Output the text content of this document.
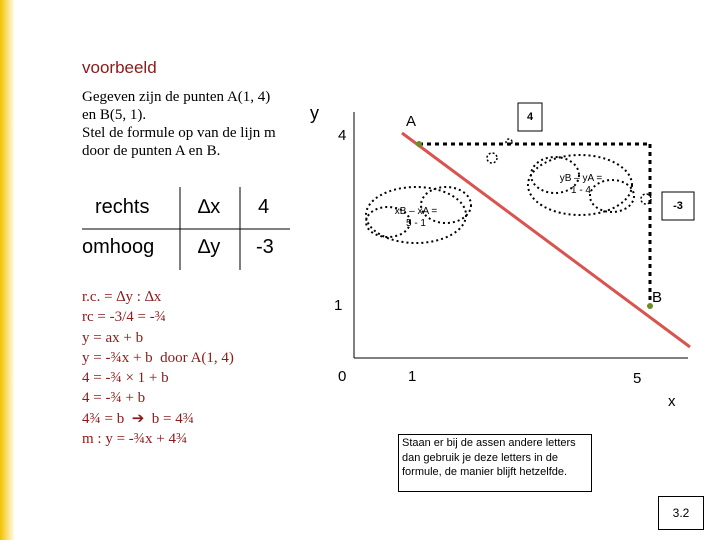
voorbeeld
Gegeven zijn de punten A(1, 4)
en B(5, 1).
Stel de formule op van de lijn m
door de punten A en B.
rechts ∆x 4
omhoog ∆y -3
r.c. = ∆y : ∆x
rc = -3/4 = -¾
y = ax + b
y = -¾x + b  door A(1, 4)
4 = -¾ × 1 + b
4 = -¾ + b
4¾ = b  ➔  b = 4¾
m : y = -¾x + 4¾
y
4
1
0	1	5
x
A
B
4
-3
xB – xA =
5 - 1
yB – yA =
1 - 4
Staan er bij de assen andere letters dan gebruik je deze letters in de formule, de manier blijft hetzelfde.
3.2
